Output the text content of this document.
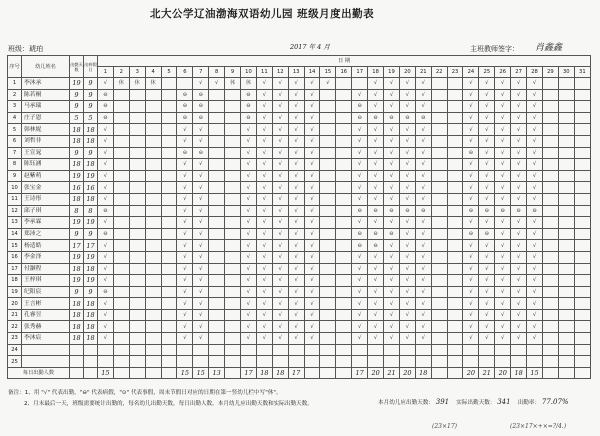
北大公学辽油渤海双语幼儿园 班级月度出勤表
班级：琥珀	2017 年 4 月	主班教师签字： 肖鑫鑫
序号	幼儿姓名	出勤天数	出病假日	日 期																														
				1	2	3	4	5	6	7	8	9	10	11	12	13	14	15	16	17	18	19	20	21	22	23	24	25	26	27	28	29	30	31
1	李沐承	19	9	√	休	休	休			√	√	休	休	√	√	√	√	√			√	√	√	√			√	√	√	√	√			
2	陈若桐	9	9	⊖					⊖	⊖			⊖	√	√	√	√			√	√	√	√	√			√	√	√	√	√			
3	马承瑞	9	9	⊖					⊖	⊖			⊖	√	√	√	√			⊖	√	√	√	√			√	√	√	√	√			
4	庄子恩	5	5	⊖					⊖	⊖			⊖	√	√	√	√			⊖	⊖	⊖	⊖	⊖			√	√	√	√	√			
5	韩林妮	18	18	√					√	√			√	√	√	√	√			√	√	√	√	√			√	√	√	√	√			
6	刘哲非	18	18	√					√	√			√	√	√	√	√			√	√	√	√	√			√	√	√	√	√			
7	王宣晁	9	9	√					⊖	⊖			√	√	√	√	√			√	√	√	√	√			⊖	√	√	√	√			
8	陈钰涵	18	18	√					√	√			√	√	√	√	√			√	√	√	√	√			√	√	√	√	√			
9	赵紫萌	19	19	√					√	√			√	√	√	√	√			√	√	√	√	√			√	√	√	√	√			
10	张宝金	16	16	√					√	√			√	√	√	√	√			√	√	√	√	√			√	√	√	√	√			
11	王诗彤	18	18	√					√	√			√	√	√	√	√			√	√	√	√	√			√	√	√	√	√			
12	邱子琪	8	8	⊖					√	√			√	√	√	√	√			⊖	⊖	⊖	⊖	⊖			⊖	⊖	⊖	⊖	⊖			
13	李承霖	19	19	√					√	√			√	√	√	√	√			√	√	√	√	√			√	√	√	√	√			
14	郑沛之	9	9	⊖					√	√			√	√	√	√	√			⊖	⊖	⊖	√	√			⊖	⊖	√	√	√			
15	杨适皓	17	17	√					√	√			√	√	√	√	√			⊖	⊖	√	√	√			√	√	√	√	√			
16	李金泽	19	19	√					√	√			√	√	√	√	√			√	√	√	√	√			√	√	√	√	√			
17	付灏程	18	18	√					√	√			√	√	√	√	√			√	√	√	√	√			√	√	√	√	√			
18	王梓琪	19	19	√					√	√			√	√	√	√	√			√	√	√	√	√			√	√	√	√	√			
19	纪阳宸	9	9	⊖					√	√			√	√	√	√	√			√	√	√	√	√			√	√	√	√	√			
20	王言彬	18	18	√					√	√			√	√	√	√	√			√	√	√	√	√			√	√	√	√	√			
21	孔睿昱	18	18	√					√	√			√	√	√	√	√			√	√	√	√	√			√	√	√	√	√			
22	张秀赫	18	18	√					√	√			√	√	√	√	√			√	√	√	√	√			√	√	√	√	√			
23	李沐宸	18	18	√					√	√			√	√	√	√	√			√	√	√	√	√			√	√	√	√	√			
24																																		
25																																		
每日出勤人数				15					15	15	13		17	18	18	17				17	20	21	20	18			20	21	20	18	15			
备注：1、用 "√" 代表出勤，"⊖" 代表病假，"⊙" 代表事假，周末节假日对应的日期在第一竖幼儿栏中写"休"。
2、月末最后一天，班级需要统计出勤的，每名幼儿出勤天数，每日出勤人数，本月幼儿应出勤天数和实际出勤天数。	本月幼儿应出勤天数： 391 实际出勤天数： 341 出勤率： 77.07%
(23×17)	(23×17×+×=?/4.)
